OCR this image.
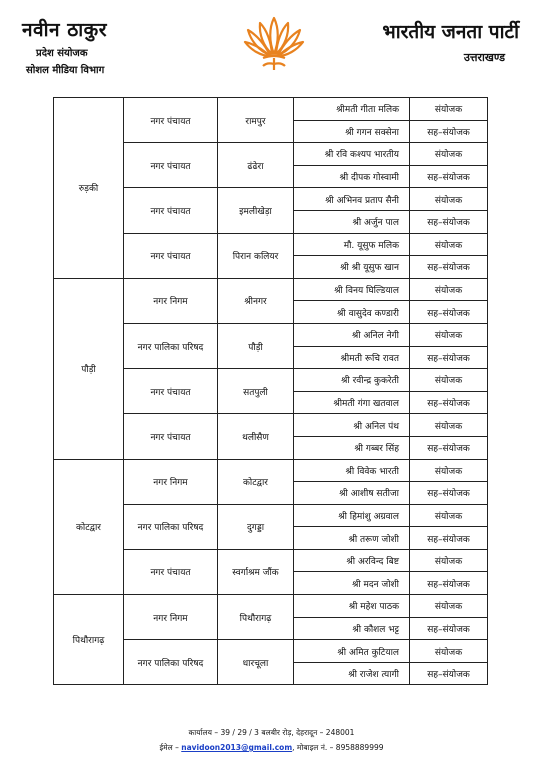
नवीन ठाकुर
प्रदेश संयोजक
सोशल मीडिया विभाग
भारतीय जनता पार्टी
उत्तराखण्ड
रुड़की	नगर पंचायत	रामपुर	श्रीमती गीता मलिक	संयोजक
			श्री गगन सक्सेना	सह–संयोजक
	नगर पंचायत	ढंढेरा	श्री रवि कश्यप भारतीय	संयोजक
			श्री दीपक गोस्वामी	सह–संयोजक
	नगर पंचायत	इमलीखेड़ा	श्री अभिनव प्रताप सैनी	संयोजक
			श्री अर्जुन पाल	सह–संयोजक
	नगर पंचायत	पिरान कलियर	मौ. यूसुफ मलिक	संयोजक
			श्री श्री यूसुफ खान	सह–संयोजक
पौड़ी	नगर निगम	श्रीनगर	श्री विनय घिल्डियाल	संयोजक
			श्री वासुदेव कण्डारी	सह–संयोजक
	नगर पालिका परिषद	पौड़ी	श्री अनिल नेगी	संयोजक
			श्रीमती रूचि रावत	सह–संयोजक
	नगर पंचायत	सतपुली	श्री रवीन्द्र कुकरेती	संयोजक
			श्रीमती गंगा खतवाल	सह–संयोजक
	नगर पंचायत	थलीसैण	श्री अनिल पंथ	संयोजक
			श्री गब्बर सिंह	सह–संयोजक
कोटद्वार	नगर निगम	कोटद्वार	श्री विवेक भारती	संयोजक
			श्री आशीष सतीजा	सह–संयोजक
	नगर पालिका परिषद	दुगड्डा	श्री हिमांशु अग्रवाल	संयोजक
			श्री तरूण जोशी	सह–संयोजक
	नगर पंचायत	स्वर्गाश्रम जौंक	श्री अरविन्द बिष्ट	संयोजक
			श्री मदन जोशी	सह–संयोजक
पिथौरागढ़	नगर निगम	पिथौरागढ़	श्री महेश पाठक	संयोजक
			श्री कौशल भट्ट	सह–संयोजक
	नगर पालिका परिषद	धारचूला	श्री अमित कुटियाल	संयोजक
			श्री राजेश त्यागी	सह–संयोजक
कार्यालय – 39 / 29 / 3 बलबीर रोड़, देहरादून – 248001
ईमेल – navidoon2013@gmail.com, मोबाइल नं. – 8958889999
